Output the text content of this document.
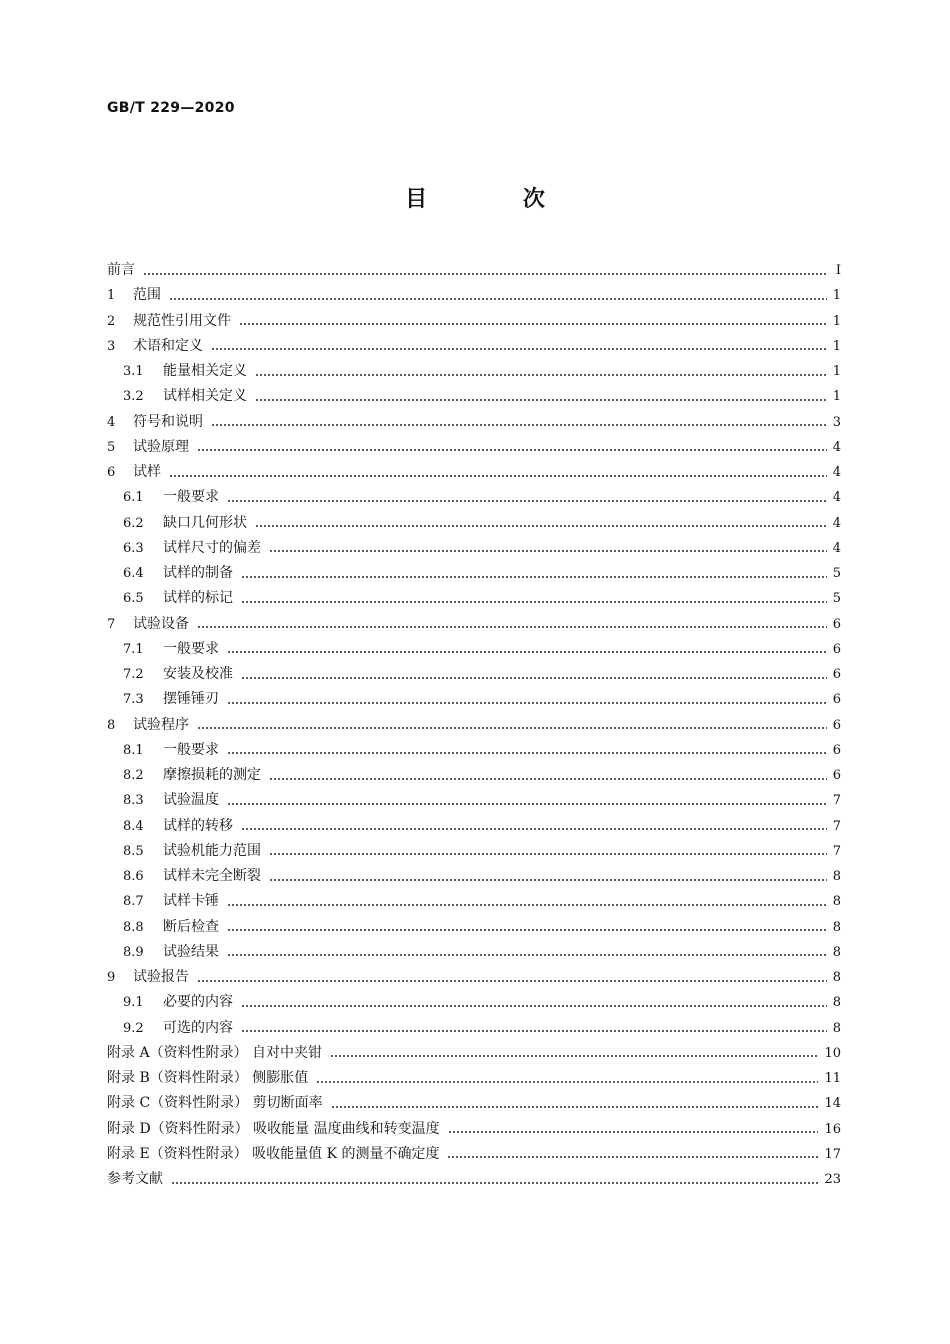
GB/T 229—2020
目 次
前言	Ⅰ
1	范围	1
2	规范性引用文件	1
3	术语和定义	1
3.1	能量相关定义	1
3.2	试样相关定义	1
4	符号和说明	3
5	试验原理	4
6	试样	4
6.1	一般要求	4
6.2	缺口几何形状	4
6.3	试样尺寸的偏差	4
6.4	试样的制备	5
6.5	试样的标记	5
7	试验设备	6
7.1	一般要求	6
7.2	安装及校准	6
7.3	摆锤锤刃	6
8	试验程序	6
8.1	一般要求	6
8.2	摩擦损耗的测定	6
8.3	试验温度	7
8.4	试样的转移	7
8.5	试验机能力范围	7
8.6	试样未完全断裂	8
8.7	试样卡锤	8
8.8	断后检查	8
8.9	试验结果	8
9	试验报告	8
9.1	必要的内容	8
9.2	可选的内容	8
附录 A（资料性附录） 自对中夹钳	10
附录 B（资料性附录） 侧膨胀值	11
附录 C（资料性附录） 剪切断面率	14
附录 D（资料性附录） 吸收能量 温度曲线和转变温度	16
附录 E（资料性附录） 吸收能量值 K 的测量不确定度	17
参考文献	23
